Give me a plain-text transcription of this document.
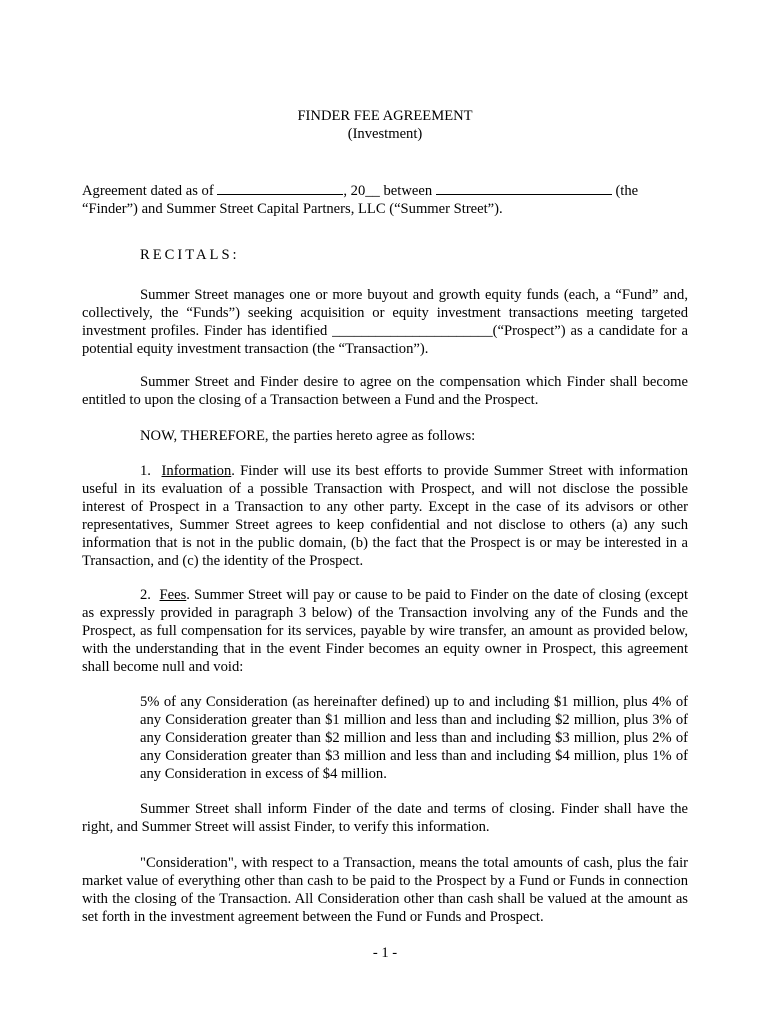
FINDER FEE AGREEMENT
(Investment)
Agreement dated as of	, 20__ between	(the
“Finder”) and Summer Street Capital Partners, LLC (“Summer Street”).
RECITALS:
Summer Street manages one or more buyout and growth equity funds (each, a “Fund” and, collectively, the “Funds”) seeking acquisition or equity investment transactions meeting targeted investment profiles. Finder has identified ______________________(“Prospect”) as a candidate for a potential equity investment transaction (the “Transaction”).
Summer Street and Finder desire to agree on the compensation which Finder shall become entitled to upon the closing of a Transaction between a Fund and the Prospect.
NOW, THEREFORE, the parties hereto agree as follows:
1. Information. Finder will use its best efforts to provide Summer Street with information useful in its evaluation of a possible Transaction with Prospect, and will not disclose the possible interest of Prospect in a Transaction to any other party. Except in the case of its advisors or other representatives, Summer Street agrees to keep confidential and not disclose to others (a) any such information that is not in the public domain, (b) the fact that the Prospect is or may be interested in a Transaction, and (c) the identity of the Prospect.
2. Fees. Summer Street will pay or cause to be paid to Finder on the date of closing (except as expressly provided in paragraph 3 below) of the Transaction involving any of the Funds and the Prospect, as full compensation for its services, payable by wire transfer, an amount as provided below, with the understanding that in the event Finder becomes an equity owner in Prospect, this agreement shall become null and void:
5% of any Consideration (as hereinafter defined) up to and including $1 million, plus 4% of any Consideration greater than $1 million and less than and including $2 million, plus 3% of any Consideration greater than $2 million and less than and including $3 million, plus 2% of any Consideration greater than $3 million and less than and including $4 million, plus 1% of any Consideration in excess of $4 million.
Summer Street shall inform Finder of the date and terms of closing. Finder shall have the right, and Summer Street will assist Finder, to verify this information.
"Consideration", with respect to a Transaction, means the total amounts of cash, plus the fair market value of everything other than cash to be paid to the Prospect by a Fund or Funds in connection with the closing of the Transaction. All Consideration other than cash shall be valued at the amount as set forth in the investment agreement between the Fund or Funds and Prospect.
- 1 -
